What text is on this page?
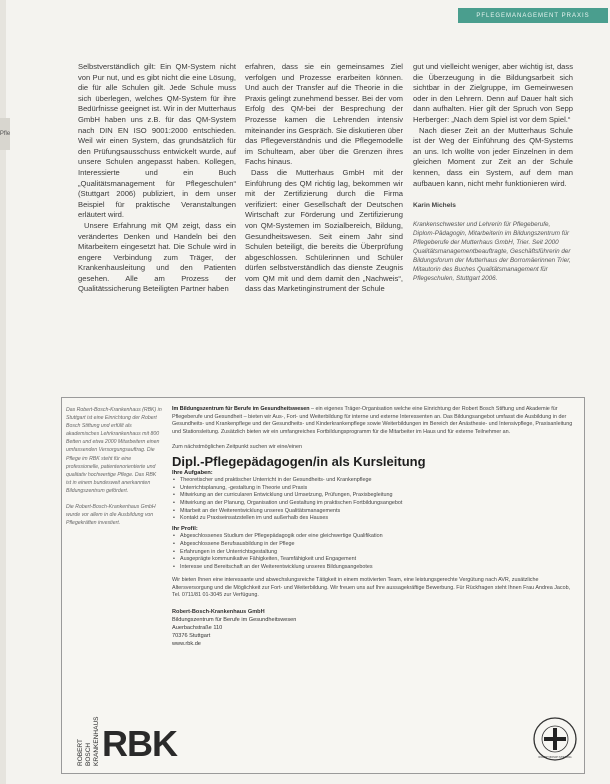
Pfle
PFLEGEMANAGEMENT PRAXIS

Selbstverständlich gilt: Ein QM-System nicht von Pur nut, und es gibt nicht die eine Lösung, die für alle Schulen gilt. Jede Schule muss sich überlegen, welches QM-System für ihre Bedürfnisse geeignet ist. Wir in der Mutterhaus GmbH haben uns z.B. für das QM-System nach DIN EN ISO 9001:2000 entschieden. Weil wir einen System, das grundsätzlich für den Prüfungsausschuss entwickelt wurde, auf unsere Schulen angepasst haben. Kollegen, Interessierte und ein Buch „Qualitätsmanagement für Pflegeschulen“ (Stuttgart 2006) publiziert, in dem unser Beispiel für praktische Veranstaltungen erläutert wird.

Unsere Erfahrung mit QM zeigt, dass ein verändertes Denken und Handeln bei den Mitarbeitern eingesetzt hat. Die Schule wird in engere Verbindung zum Träger, der Krankenhausleitung und den Patienten gesehen. Alle am Prozess der Qualitätssicherung Beteiligten Partner haben

erfahren, dass sie ein gemeinsames Ziel verfolgen und Prozesse erarbeiten können. Und auch der Transfer auf die Theorie in die Praxis gelingt zunehmend besser. Bei der vom Erfolg des QM-bei der Besprechung der Prozesse kamen die Lehrenden intensiv miteinander ins Gespräch. Sie diskutieren über das Pflegeverständnis und die Pflegemodelle im Schulteam, aber über die Grenzen ihres Fachs hinaus.

Dass die Mutterhaus GmbH mit der Einführung des QM richtig lag, bekommen wir mit der Zertifizierung durch die Firma verifiziert: einer Gesellschaft der Deutschen Wirtschaft zur Förderung und Zertifizierung von QM-Systemen im Sozialbereich, Bildung, Gesundheitswesen. Seit einem Jahr sind Schulen beteiligt, die bereits die Überprüfung abgeschlossen. Schülerinnen und Schüler dürfen selbstverständlich das dienste Zeugnis vom QM mit und dem damit den „Nachweis“, dass das Marketinginstrument der Schule

gut und vielleicht weniger, aber wichtig ist, dass die Überzeugung in die Bildungsarbeit sich sichtbar in der Zielgruppe, im Gemeinwesen oder in den Lehrern. Denn auf Dauer halt sich dann aufhalten. Hier gilt der Spruch von Sepp Herberger: „Nach dem Spiel ist vor dem Spiel.“

Nach dieser Zeit an der Mutterhaus Schule ist der Weg der Einführung des QM-Systems an uns. Ich wollte von jeder Einzelnen in dem gleichen Moment zur Zeit an der Schule kennen, dass ein System, auf dem man aufbauen kann, nicht mehr funktionieren wird.

Karin Michels
Krankenschwester und Lehrerin für Pflegeberufe, Diplom-Pädagogin, Mitarbeiterin im Bildungszentrum für Pflegeberufe der Mutterhaus GmbH, Trier. Seit 2000 Qualitätsmanagementbeauftragte, Geschäftsführerin der Bildungsforum der Mutterhaus der Borromäerinnen Trier, Mitautorin des Buches Qualitätsmanagement für Pflegeschulen, Stuttgart 2006.

Das Robert-Bosch-Krankenhaus (RBK) in Stuttgart ist eine Einrichtung der Robert Bosch Stiftung und erfüllt als akademisches Lehrkrankenhaus mit 800 Betten und etwa 2000 Mitarbeitern einen umfassenden Versorgungsauftrag. Die Pflege im RBK steht für eine professionelle, patientenorientierte und qualitativ hochwertige Pflege. Das RBK ist in einem bundesweit anerkannten Bildungszentrum gefördert.

Die Robert-Bosch-Krankenhaus GmbH wurde vor allem in die Ausbildung von Pflegekräften investiert.

Im Bildungszentrum für Berufe im Gesundheitswesen – ein eigenes Träger-Organisation welche eine Einrichtung der Robert Bosch Stiftung und Akademie für Pflegeberufe und Gesundheit – bieten wir Aus-, Fort- und Weiterbildung für interne und externe Interessenten an. Das Bildungsangebot umfasst die Ausbildung in der Gesundheits- und Krankenpflege und der Gesundheits- und Kinderkrankenpflege sowie Weiterbildungen im Bereich der Anästhesie- und Intensivpflege, Praxisanleitung und Stationsleitung. Zusätzlich bieten wir ein umfangreiches Fortbildungsprogramm für die Mitarbeiter im Haus und für externe Teilnehmer an.

Zum nächstmöglichen Zeitpunkt suchen wir eine/einen

Dipl.-Pflegepädagogen/in als Kursleitung

Ihre Aufgaben:

• Theoretischer und praktischer Unterricht in der Gesundheits- und Krankenpflege
• Unterrichtsplanung, -gestaltung in Theorie und Praxis
• Mitwirkung an der curricularen Entwicklung und Umsetzung, Prüfungen, Praxisbegleitung
• Mitwirkung an der Planung, Organisation und Gestaltung im praktischen Fortbildungsangebot
• Mitarbeit an der Weiterentwicklung unseres Qualitätsmanagements
• Kontakt zu Praxiseinsatzstellen im und außerhalb des Hauses

Ihr Profil:

• Abgeschlossenes Studium der Pflegepädagogik oder eine gleichwertige Qualifikation
• Abgeschlossene Berufsausbildung in der Pflege
• Erfahrungen in der Unterrichtsgestaltung
• Ausgeprägte kommunikative Fähigkeiten, Teamfähigkeit und Engagement
• Interesse und Bereitschaft an der Weiterentwicklung unseres Bildungsangebotes

Wir bieten Ihnen eine interessante und abwechslungsreiche Tätigkeit in einem motivierten Team, eine leistungsgerechte Vergütung nach AVR, zusätzliche Altersversorgung und die Möglichkeit zur Fort- und Weiterbildung. Wir freuen uns auf Ihre aussagekräftige Bewerbung. Für Rückfragen steht Ihnen Frau Andrea Jacob, Tel. 0711/81 01-3045 zur Verfügung.

Robert-Bosch-Krankenhaus GmbH
Bildungszentrum für Berufe im Gesundheitswesen
Auerbachstraße 110
70376 Stuttgart
www.rbk.de
ROBERT BOSCH KRANKENHAUS RBK	ROBERT BOSCH STIFTUNG
